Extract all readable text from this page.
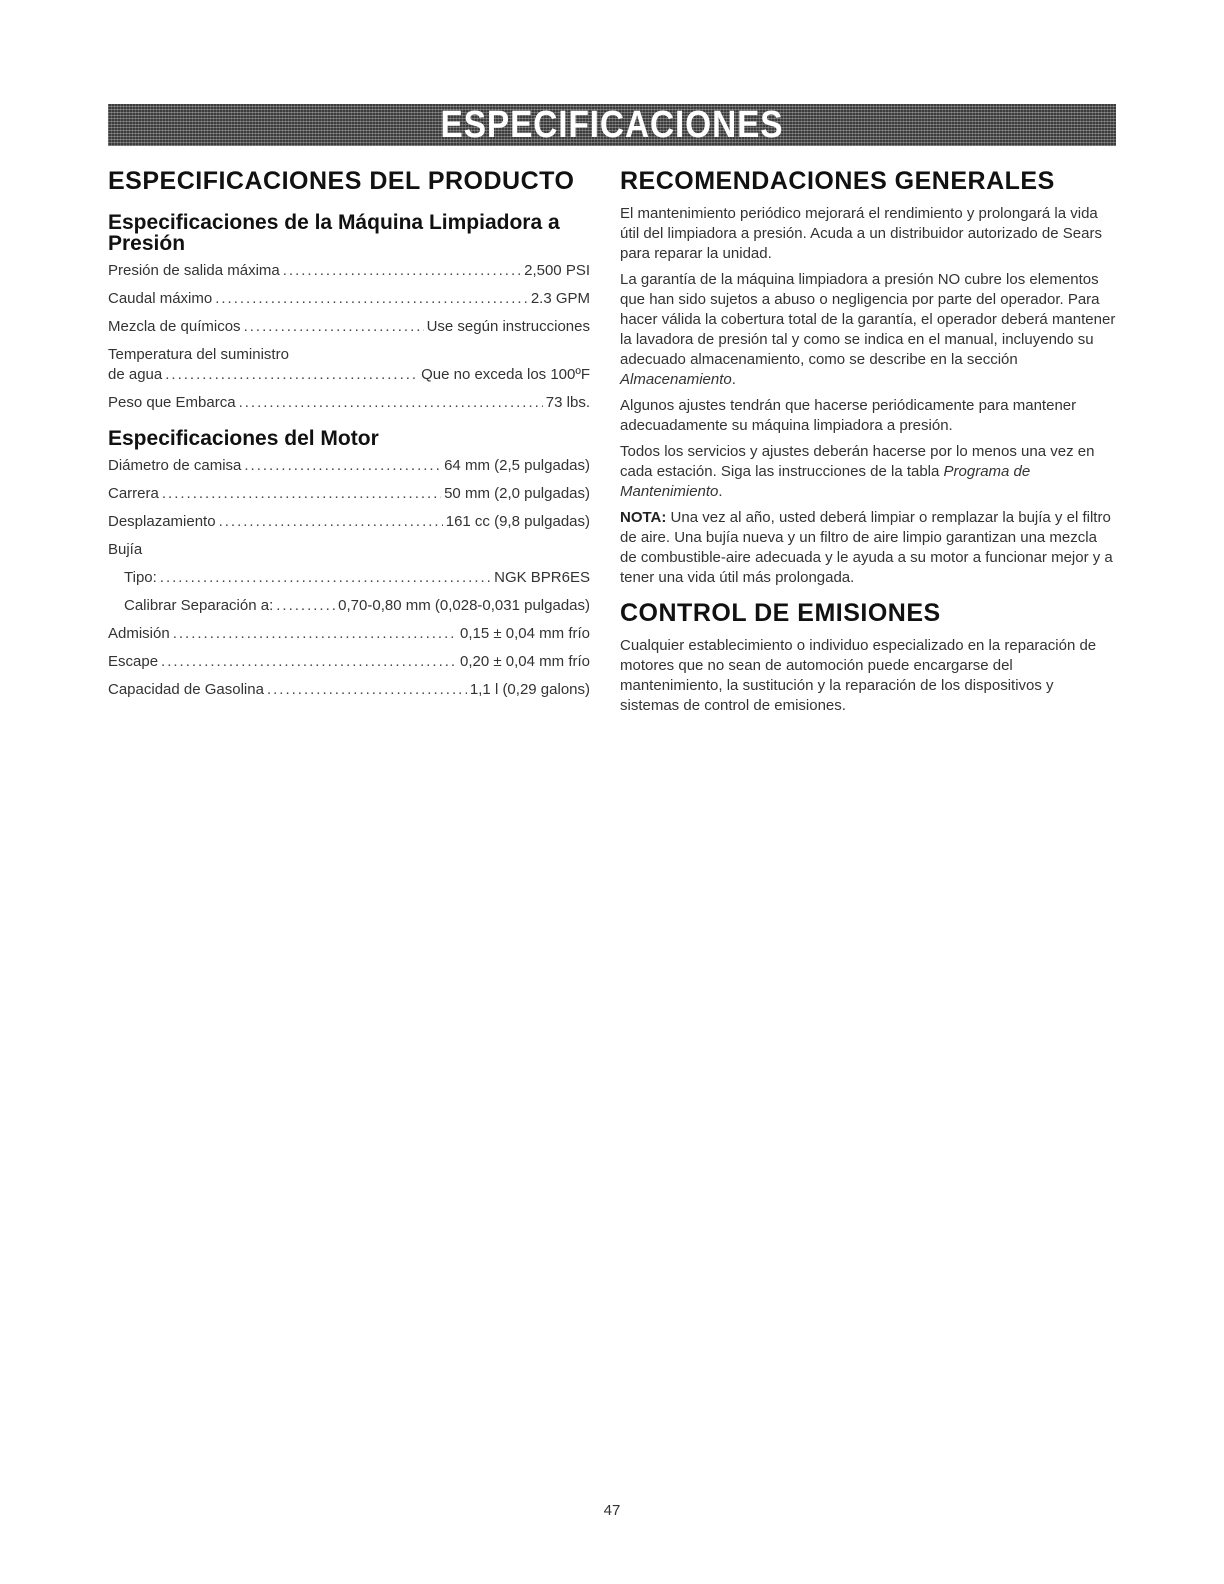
ESPECIFICACIONES
ESPECIFICACIONES DEL PRODUCTO
Especificaciones de la Máquina Limpiadora a Presión
Presión de salida máxima .....	2,500 PSI
Caudal máximo .....	2.3 GPM
Mezcla de químicos .....	Use según instrucciones
Temperatura del suministro
de agua .....	Que no exceda los 100ºF
Peso que Embarca .....	73 lbs.
Especificaciones del Motor
Diámetro de camisa .....	64 mm (2,5 pulgadas)
Carrera .....	50 mm (2,0 pulgadas)
Desplazamiento .....	161 cc (9,8 pulgadas)
Bujía
Tipo: .....	NGK BPR6ES
Calibrar Separación a: .....	0,70-0,80 mm (0,028-0,031 pulgadas)
Admisión .....	0,15 ± 0,04 mm frío
Escape .....	0,20 ± 0,04 mm frío
Capacidad de Gasolina .....	1,1 l (0,29 galons)
RECOMENDACIONES GENERALES

El mantenimiento periódico mejorará el rendimiento y prolongará la vida útil del limpiadora a presión. Acuda a un distribuidor autorizado de Sears para reparar la unidad.

La garantía de la máquina limpiadora a presión NO cubre los elementos que han sido sujetos a abuso o negligencia por parte del operador. Para hacer válida la cobertura total de la garantía, el operador deberá mantener la lavadora de presión tal y como se indica en el manual, incluyendo su adecuado almacenamiento, como se describe en la sección Almacenamiento.

Algunos ajustes tendrán que hacerse periódicamente para mantener adecuadamente su máquina limpiadora a presión.

Todos los servicios y ajustes deberán hacerse por lo menos una vez en cada estación. Siga las instrucciones de la tabla Programa de Mantenimiento.

NOTA: Una vez al año, usted deberá limpiar o remplazar la bujía y el filtro de aire. Una bujía nueva y un filtro de aire limpio garantizan una mezcla de combustible-aire adecuada y le ayuda a su motor a funcionar mejor y a tener una vida útil más prolongada.

CONTROL DE EMISIONES

Cualquier establecimiento o individuo especializado en la reparación de motores que no sean de automoción puede encargarse del mantenimiento, la sustitución y la reparación de los dispositivos y sistemas de control de emisiones.

47
